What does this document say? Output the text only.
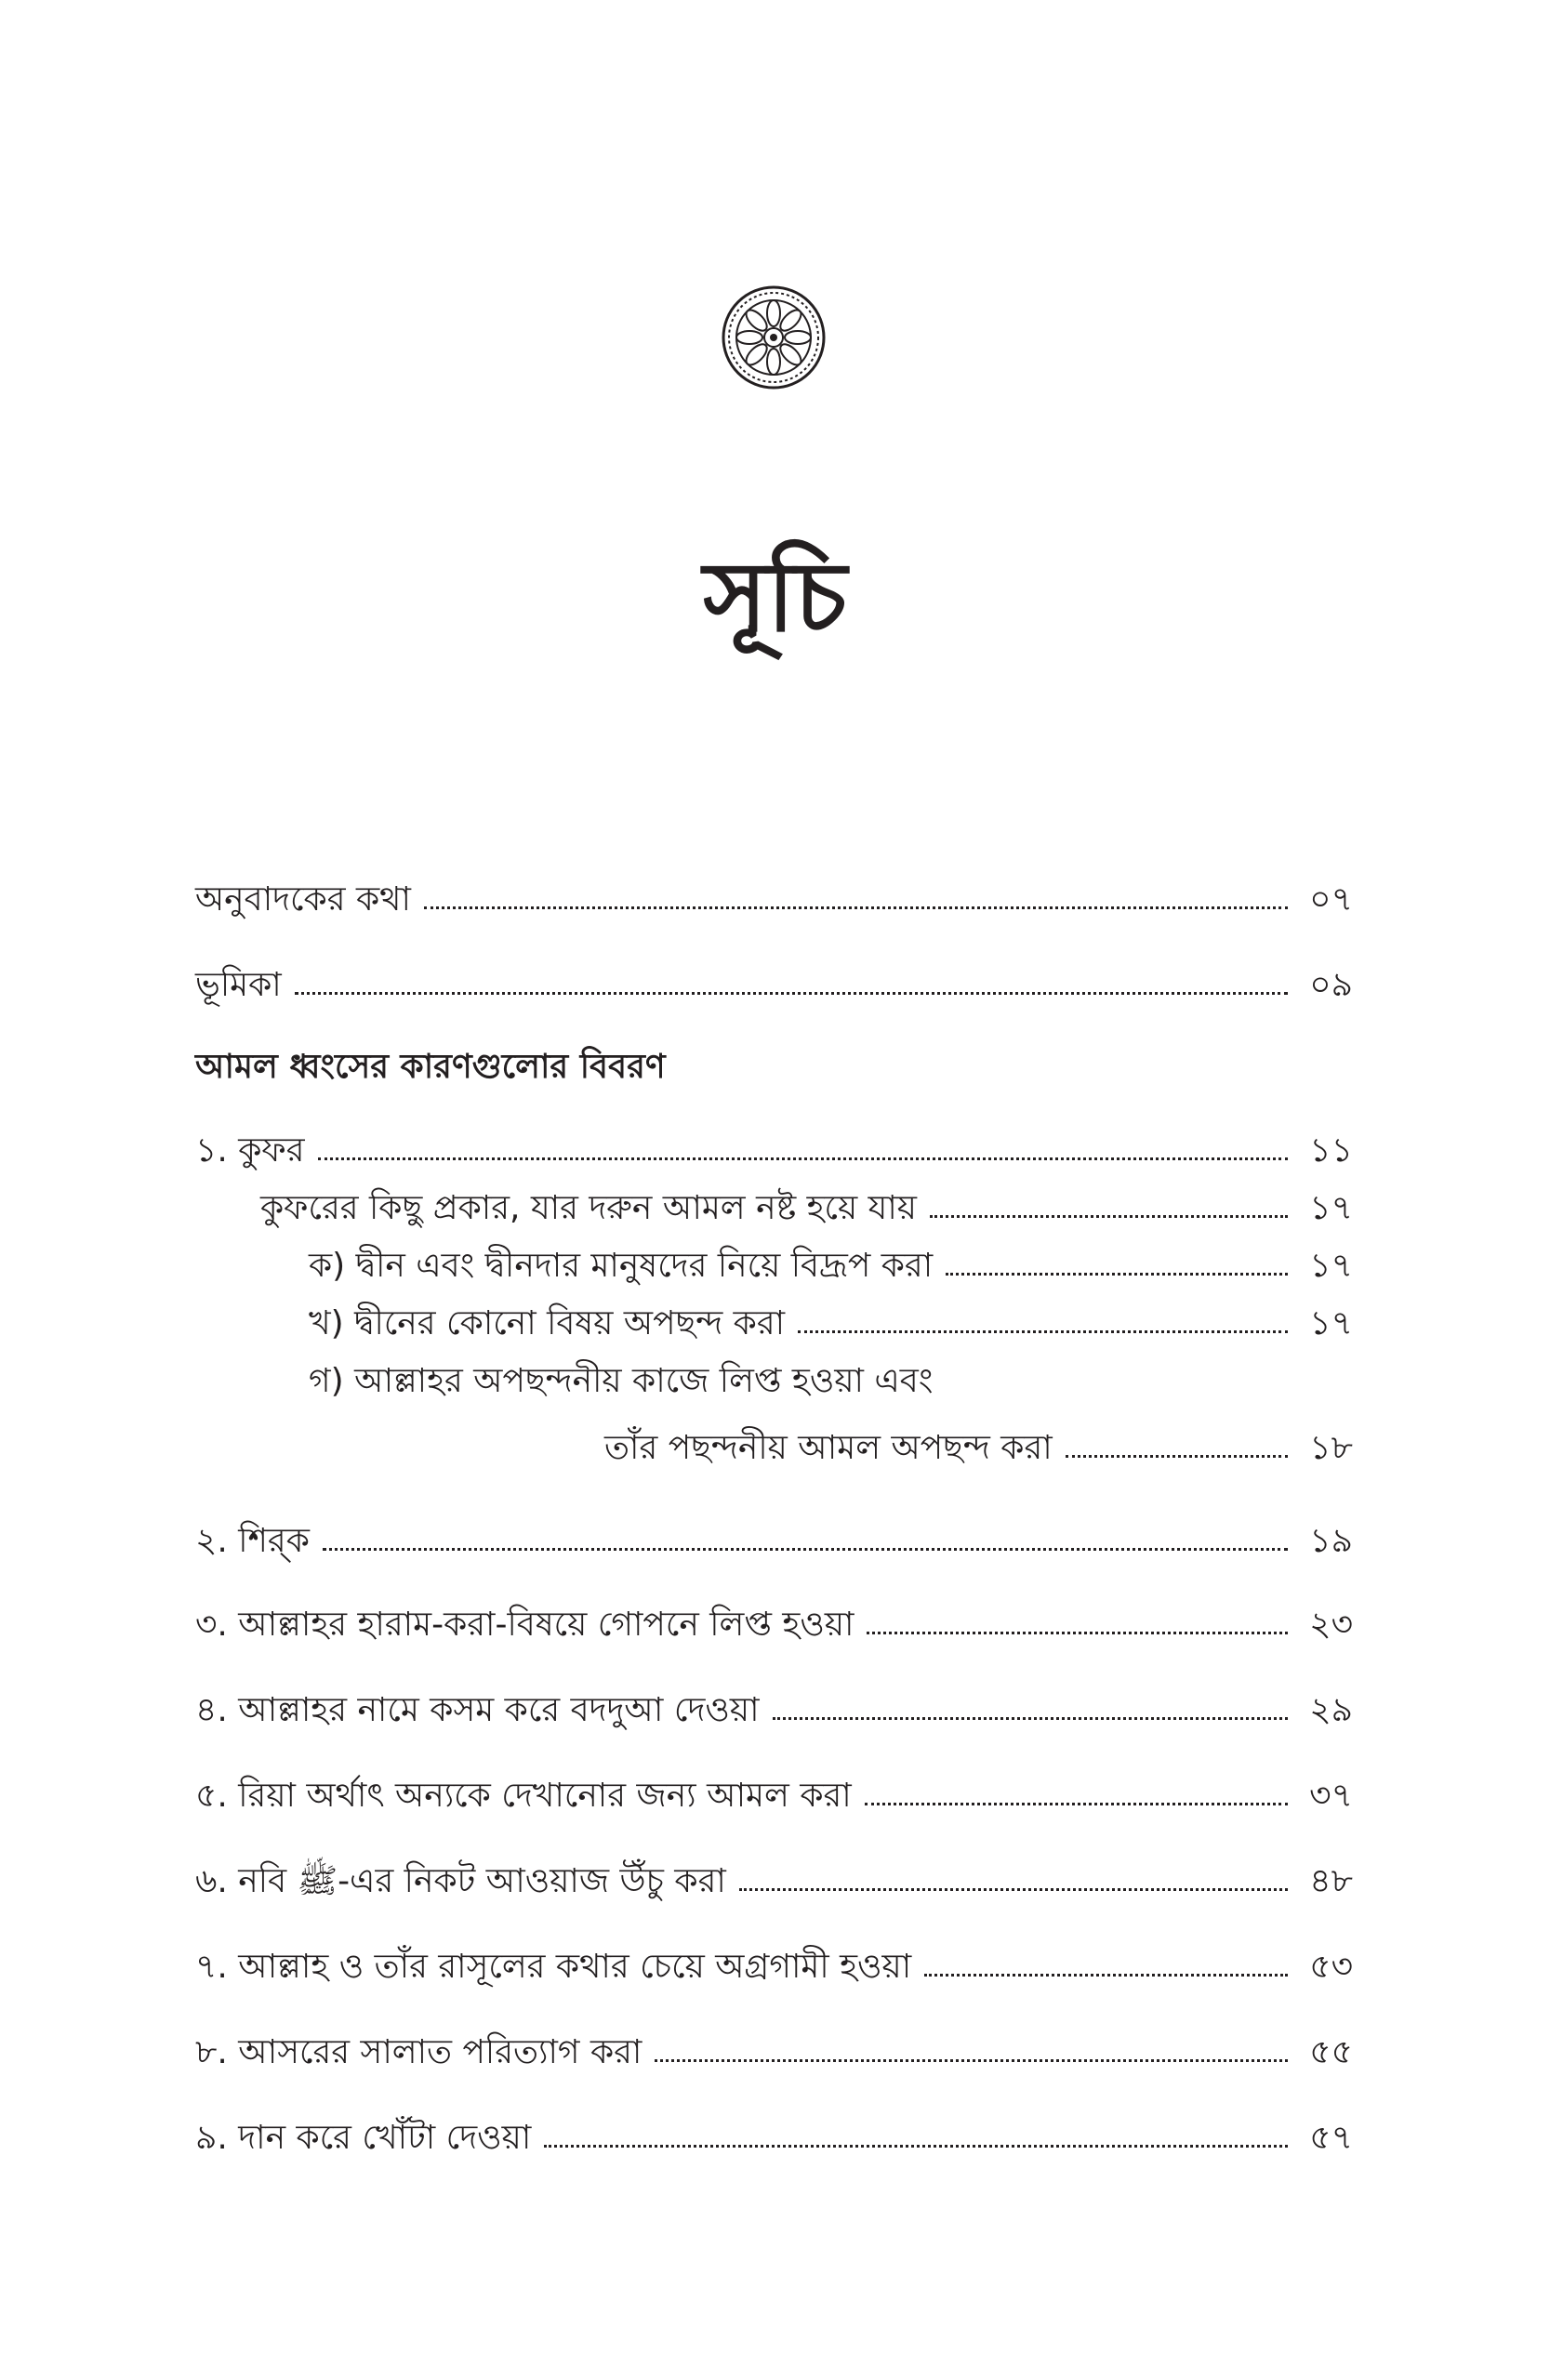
সূচি
অনুবাদকের কথা	০৭
ভূমিকা	০৯
আমল ধ্বংসের কারণগুলোর বিবরণ
১. কুফর	১১
কুফরের কিছু প্রকার, যার দরুন আমল নষ্ট হয়ে যায়	১৭
ক) দ্বীন এবং দ্বীনদার মানুষদের নিয়ে বিদ্রূপ করা	১৭
খ) দ্বীনের কোনো বিষয় অপছন্দ করা	১৭
গ) আল্লাহর অপছন্দনীয় কাজে লিপ্ত হওয়া এবং
তাঁর পছন্দনীয় আমল অপছন্দ করা	১৮
২. শির্‌ক	১৯
৩. আল্লাহর হারাম-করা-বিষয়ে গোপনে লিপ্ত হওয়া	২৩
৪. আল্লাহর নামে কসম করে বদদুআ দেওয়া	২৯
৫. রিয়া অর্থাৎ অন্যকে দেখানোর জন্য আমল করা	৩৭
৬. নবি ﷺ-এর নিকট আওয়াজ উঁচু করা	৪৮
৭. আল্লাহ ও তাঁর রাসূলের কথার চেয়ে অগ্রগামী হওয়া	৫৩
৮. আসরের সালাত পরিত্যাগ করা	৫৫
৯. দান করে খোঁটা দেওয়া	৫৭
